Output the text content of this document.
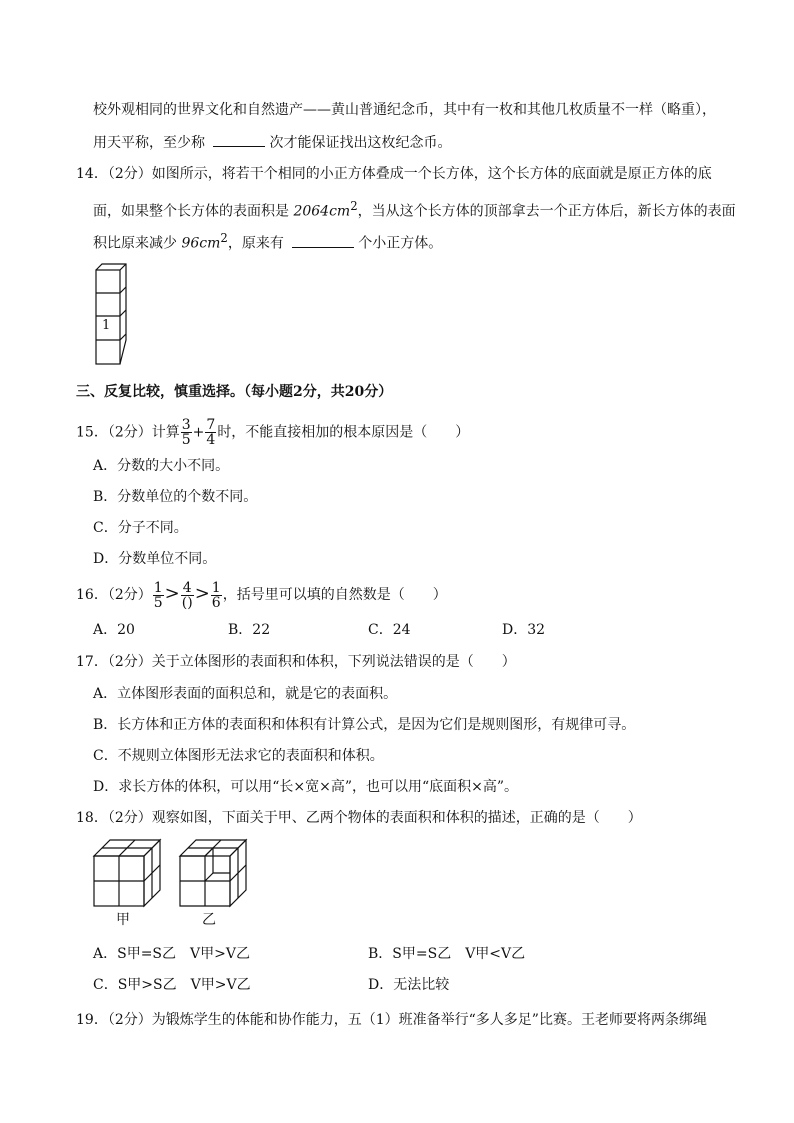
校外观相同的世界文化和自然遗产——黄山普通纪念币，其中有一枚和其他几枚质量不一样（略重），
用天平称，至少称	次才能保证找出这枚纪念币。
14．（2分）如图所示，将若干个相同的小正方体叠成一个长方体，这个长方体的底面就是原正方体的底
面，如果整个长方体的表面积是 $2064cm^2$，当从这个长方体的顶部拿去一个正方体后，新长方体的表面
积比原来减少 $96cm^2$，原来有	个小正方体。
1
三、反复比较，慎重选择。（每小题2分，共20分）
15．（2分）计算 $\frac{3}{5} + \frac{7}{4}$ 时，不能直接相加的根本原因是（　　）
A．分数的大小不同。
B．分数单位的个数不同。
C．分子不同。
D．分数单位不同。
16．（2分） $\frac{1}{5} > \frac{4}{()} > \frac{1}{6}$ ，括号里可以填的自然数是（　　）
A．20	B．22	C．24	D．32
17．（2分）关于立体图形的表面积和体积，下列说法错误的是（　　）
A．立体图形表面的面积总和，就是它的表面积。
B．长方体和正方体的表面积和体积有计算公式，是因为它们是规则图形，有规律可寻。
C．不规则立体图形无法求它的表面积和体积。
D．求长方体的体积，可以用“长×宽×高”，也可以用“底面积×高”。
18．（2分）观察如图，下面关于甲、乙两个物体的表面积和体积的描述，正确的是（　　）
甲	乙
A．S甲=S乙　V甲>V乙	B．S甲=S乙　V甲<V乙
C．S甲>S乙　V甲>V乙	D．无法比较
19．（2分）为锻炼学生的体能和协作能力，五（1）班准备举行“多人多足”比赛。王老师要将两条绑绳
